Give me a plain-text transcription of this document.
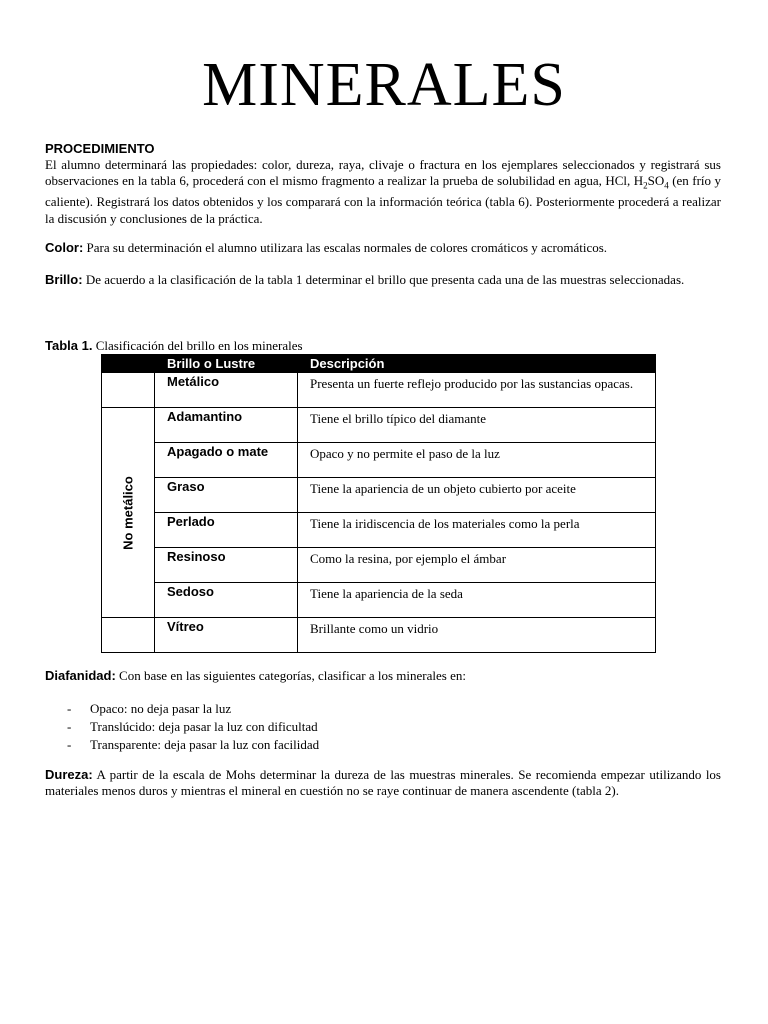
MINERALES
PROCEDIMIENTO
El alumno determinará las propiedades: color, dureza, raya, clivaje o fractura en los ejemplares seleccionados y registrará sus observaciones en la tabla 6, procederá con el mismo fragmento a realizar la prueba de solubilidad en agua, HCl, $H_2SO_4$ (en frío y caliente). Registrará los datos obtenidos y los comparará con la información teórica (tabla 6). Posteriormente procederá a realizar la discusión y conclusiones de la práctica.
Color: Para su determinación el alumno utilizara las escalas normales de colores cromáticos y acromáticos.
Brillo: De acuerdo a la clasificación de la tabla 1 determinar el brillo que presenta cada una de las muestras seleccionadas.
Tabla 1. Clasificación del brillo en los minerales
	Brillo o Lustre	Descripción
	Metálico	Presenta un fuerte reflejo producido por las sustancias opacas.

No metálico	Adamantino	Tiene el brillo típico del diamante
	Apagado o mate	Opaco y no permite el paso de la luz
	Graso	Tiene la apariencia de un objeto cubierto por aceite
	Perlado	Tiene la iridiscencia de los materiales como la perla
	Resinoso	Como la resina, por ejemplo el ámbar
	Sedoso	Tiene la apariencia de la seda
	Vítreo	Brillante como un vidrio
Diafanidad: Con base en las siguientes categorías, clasificar a los minerales en:
- Opaco: no deja pasar la luz
- Translúcido: deja pasar la luz con dificultad
- Transparente: deja pasar la luz con facilidad
Dureza: A partir de la escala de Mohs determinar la dureza de las muestras minerales. Se recomienda empezar utilizando los materiales menos duros y mientras el mineral en cuestión no se raye continuar de manera ascendente (tabla 2).
